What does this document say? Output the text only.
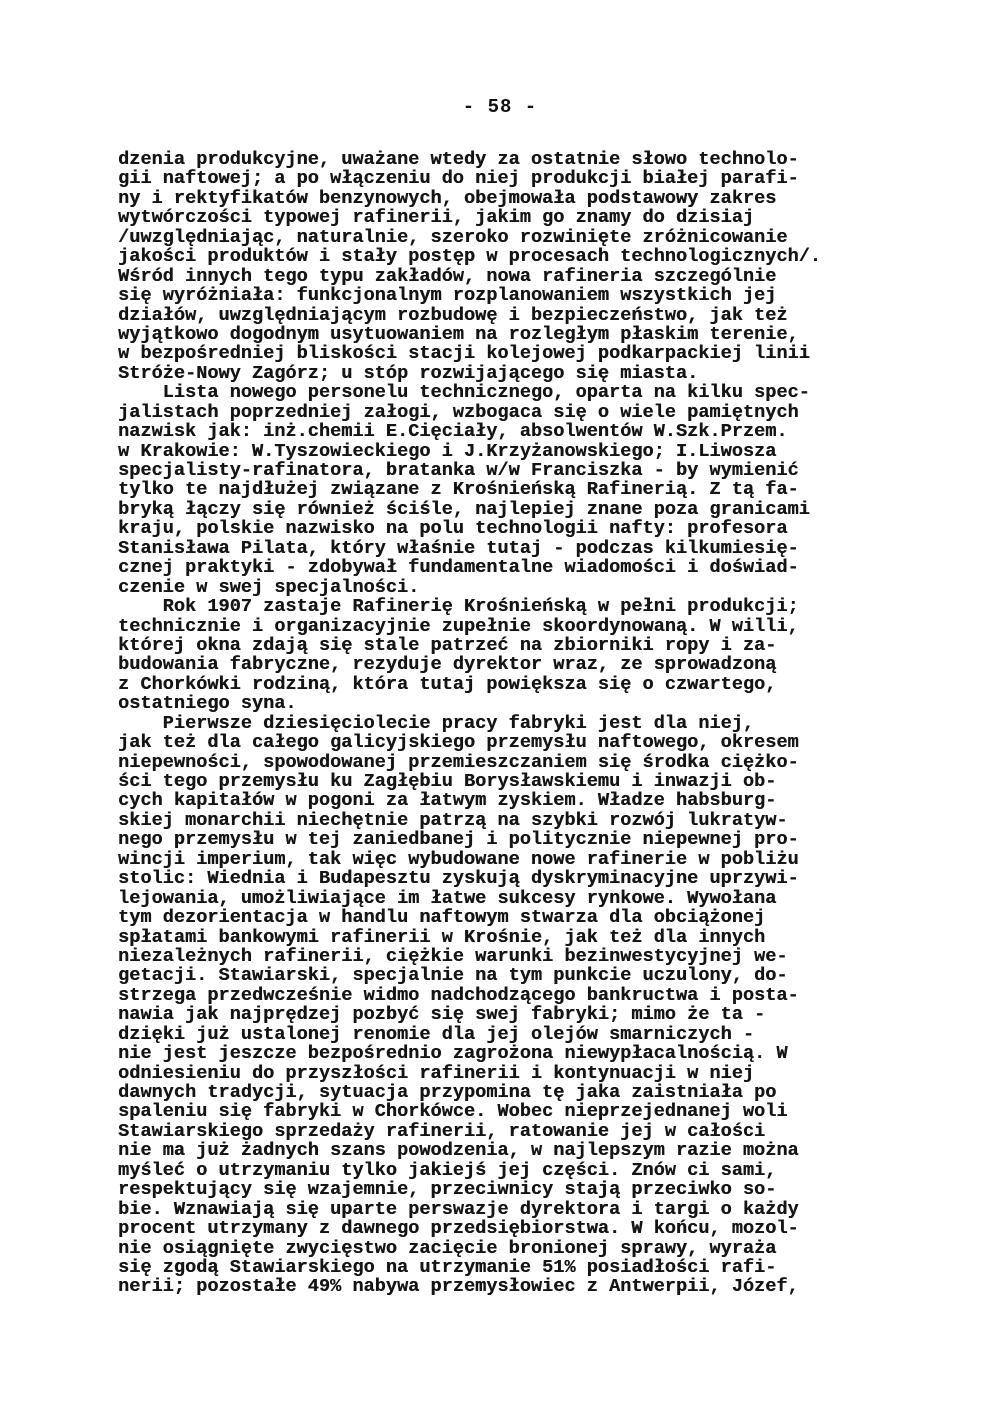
- 58 -
dzenia produkcyjne, uważane wtedy za ostatnie słowo technolo-
gii naftowej; a po włączeniu do niej produkcji białej parafi-
ny i rektyfikatów benzynowych, obejmowała podstawowy zakres
wytwórczości typowej rafinerii, jakim go znamy do dzisiaj
/uwzględniając, naturalnie, szeroko rozwinięte zróżnicowanie
jakości produktów i stały postęp w procesach technologicznych/.
Wśród innych tego typu zakładów, nowa rafineria szczególnie
się wyróżniała: funkcjonalnym rozplanowaniem wszystkich jej
działów, uwzględniającym rozbudowę i bezpieczeństwo, jak też
wyjątkowo dogodnym usytuowaniem na rozległym płaskim terenie,
w bezpośredniej bliskości stacji kolejowej podkarpackiej linii
Stróże-Nowy Zagórz; u stóp rozwijającego się miasta.
Lista nowego personelu technicznego, oparta na kilku spec-
jalistach poprzedniej załogi, wzbogaca się o wiele pamiętnych
nazwisk jak: inż.chemii E.Cięciały, absolwentów W.Szk.Przem.
w Krakowie: W.Tyszowieckiego i J.Krzyżanowskiego; I.Liwosza
specjalisty-rafinatora, bratanka w/w Franciszka - by wymienić
tylko te najdłużej związane z Krośnieńską Rafinerią. Z tą fa-
bryką łączy się również ściśle, najlepiej znane poza granicami
kraju, polskie nazwisko na polu technologii nafty: profesora
Stanisława Pilata, który właśnie tutaj - podczas kilkumiesię-
cznej praktyki - zdobywał fundamentalne wiadomości i doświad-
czenie w swej specjalności.
Rok 1907 zastaje Rafinerię Krośnieńską w pełni produkcji;
technicznie i organizacyjnie zupełnie skoordynowaną. W willi,
której okna zdają się stale patrzeć na zbiorniki ropy i za-
budowania fabryczne, rezyduje dyrektor wraz, ze sprowadzoną
z Chorkówki rodziną, która tutaj powiększa się o czwartego,
ostatniego syna.
Pierwsze dziesięciolecie pracy fabryki jest dla niej,
jak też dla całego galicyjskiego przemysłu naftowego, okresem
niepewności, spowodowanej przemieszczaniem się środka ciężko-
ści tego przemysłu ku Zagłębiu Borysławskiemu i inwazji ob-
cych kapitałów w pogoni za łatwym zyskiem. Władze habsburg-
skiej monarchii niechętnie patrzą na szybki rozwój lukratyw-
nego przemysłu w tej zaniedbanej i politycznie niepewnej pro-
wincji imperium, tak więc wybudowane nowe rafinerie w pobliżu
stolic: Wiednia i Budapesztu zyskują dyskryminacyjne uprzywi-
lejowania, umożliwiające im łatwe sukcesy rynkowe. Wywołana
tym dezorientacja w handlu naftowym stwarza dla obciążonej
spłatami bankowymi rafinerii w Krośnie, jak też dla innych
niezależnych rafinerii, ciężkie warunki bezinwestycyjnej we-
getacji. Stawiarski, specjalnie na tym punkcie uczulony, do-
strzega przedwcześnie widmo nadchodzącego bankructwa i posta-
nawia jak najprędzej pozbyć się swej fabryki; mimo że ta -
dzięki już ustalonej renomie dla jej olejów smarniczych -
nie jest jeszcze bezpośrednio zagrożona niewypłacalnością. W
odniesieniu do przyszłości rafinerii i kontynuacji w niej
dawnych tradycji, sytuacja przypomina tę jaka zaistniała po
spaleniu się fabryki w Chorkówce. Wobec nieprzejednanej woli
Stawiarskiego sprzedaży rafinerii, ratowanie jej w całości
nie ma już żadnych szans powodzenia, w najlepszym razie można
myśleć o utrzymaniu tylko jakiejś jej części. Znów ci sami,
respektujący się wzajemnie, przeciwnicy stają przeciwko so-
bie. Wznawiają się uparte perswazje dyrektora i targi o każdy
procent utrzymany z dawnego przedsiębiorstwa. W końcu, mozol-
nie osiągnięte zwycięstwo zacięcie bronionej sprawy, wyraża
się zgodą Stawiarskiego na utrzymanie 51% posiadłości rafi-
nerii; pozostałe 49% nabywa przemysłowiec z Antwerpii, Józef,
